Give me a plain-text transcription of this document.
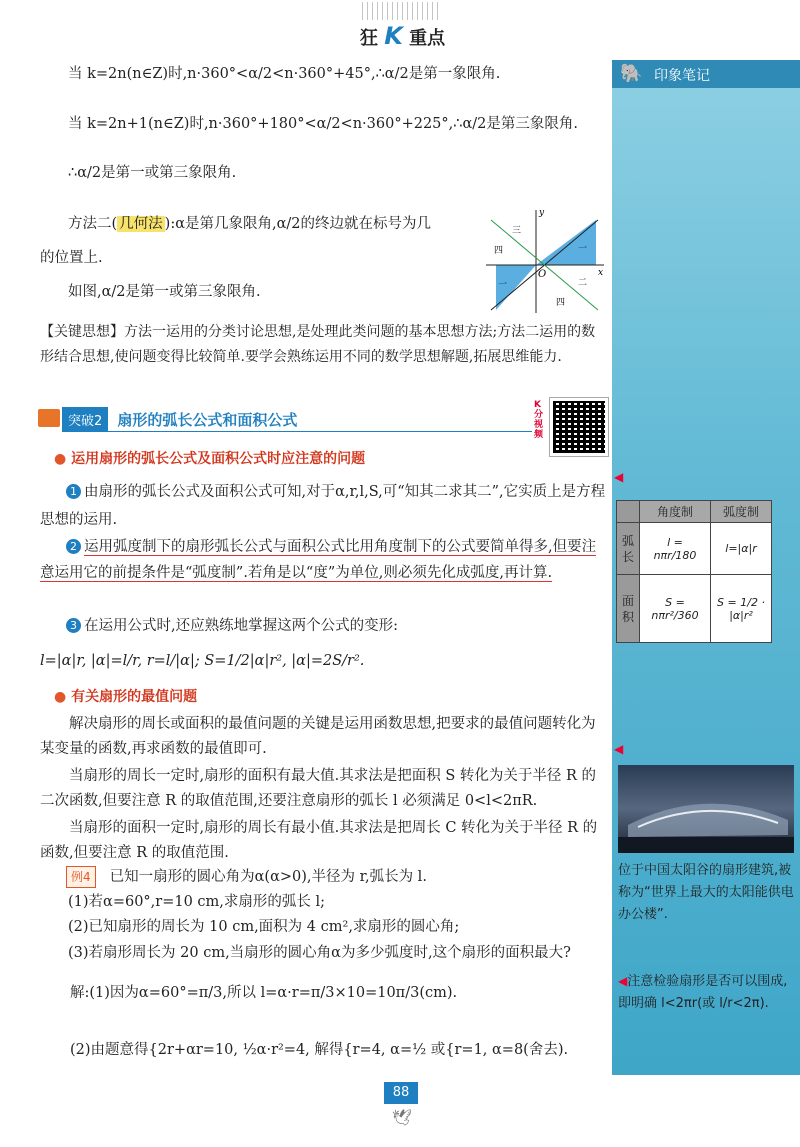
狂 K 重点
🐘 印象笔记
◀
	角度制	弧度制
弧长	l = nπr/180	l=|α|r
面积	S = nπr²/360	S = 1/2 · |α|r²
◀
位于中国太阳谷的扇形建筑,被称为“世界上最大的太阳能供电办公楼”.
◀注意检验扇形是否可以围成,即明确 l<2πr(或 l/r<2π).
当 k=2n(n∈Z)时,n·360°<α/2<n·360°+45°,∴α/2是第一象限角.
当 k=2n+1(n∈Z)时,n·360°+180°<α/2<n·360°+225°,∴α/2是第三象限角.
∴α/2是第一或第三象限角.
方法二( 几何法 ):α是第几象限角,α/2的终边就在标号为几
的位置上.
如图,α/2是第一或第三象限角.
x
y
O
三
四	一
一	二
四
【关键思想】方法一运用的分类讨论思想,是处理此类问题的基本思想方法;方法二运用的数形结合思想,使问题变得比较简单.要学会熟练运用不同的数学思想解题,拓展思维能力.
突破2 扇形的弧长公式和面积公式
K分视频
● 运用扇形的弧长公式及面积公式时应注意的问题
1 由扇形的弧长公式及面积公式可知,对于α,r,l,S,可“知其二求其二”,它实质上是方程思想的运用.
2 运用弧度制下的扇形弧长公式与面积公式比用角度制下的公式要简单得多,但要注意运用它的前提条件是“弧度制”.若角是以“度”为单位,则必须先化成弧度,再计算.
3 在运用公式时,还应熟练地掌握这两个公式的变形:
l=|α|r, |α|=l/r, r=l/|α|; S=1/2|α|r², |α|=2S/r².
● 有关扇形的最值问题
解决扇形的周长或面积的最值问题的关键是运用函数思想,把要求的最值问题转化为某变量的函数,再求函数的最值即可.
当扇形的周长一定时,扇形的面积有最大值.其求法是把面积 S 转化为关于半径 R 的二次函数,但要注意 R 的取值范围,还要注意扇形的弧长 l 必须满足 0<l<2πR.
当扇形的面积一定时,扇形的周长有最小值.其求法是把周长 C 转化为关于半径 R 的函数,但要注意 R 的取值范围.
例4 已知一扇形的圆心角为α(α>0),半径为 r,弧长为 l.
(1)若α=60°,r=10 cm,求扇形的弧长 l;
(2)已知扇形的周长为 10 cm,面积为 4 cm²,求扇形的圆心角;
(3)若扇形周长为 20 cm,当扇形的圆心角α为多少弧度时,这个扇形的面积最大?
解:(1)因为α=60°=π/3,所以 l=α·r=π/3×10=10π/3(cm).
(2)由题意得{2r+αr=10, ½α·r²=4, 解得{r=4, α=½ 或{r=1, α=8(舍去).
88
🕊
